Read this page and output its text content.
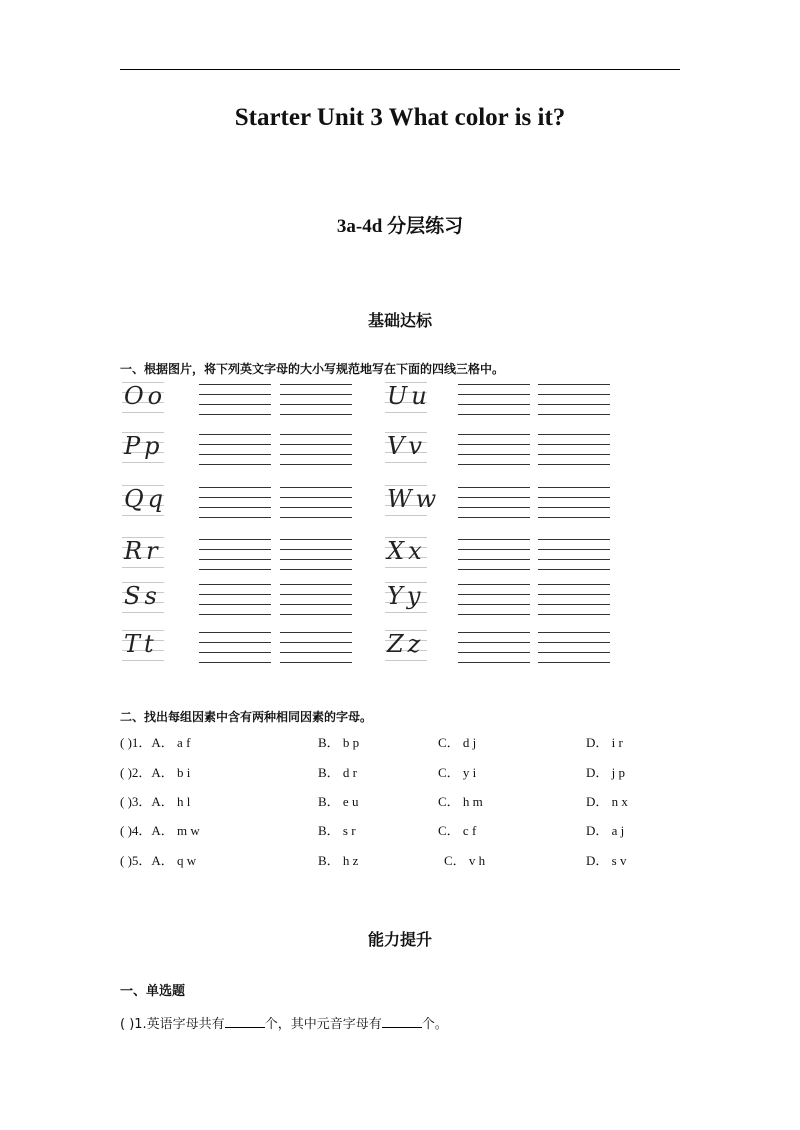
Starter Unit 3 What color is it?
3a-4d 分层练习
基础达标
一、根据图片，将下列英文字母的大小写规范地写在下面的四线三格中。
Oo
Pp
Qq
Rr
Ss
Tt
Uu
Vv
Ww
Xx
Yy
Zz
二、找出每组因素中含有两种相同因素的字母。
( )1．A． a f	B． b p	C． d j	D． i r
( )2．A． b i	B． d r	C． y i	D． j p
( )3．A． h l	B． e u	C． h m	D． n x
( )4．A． m w	B． s r	C． c f	D． a j
( )5．A． q w	B． h z	C． v h	D． s v
能力提升
一、单选题
( )1.英语字母共有	个，其中元音字母有	个。
